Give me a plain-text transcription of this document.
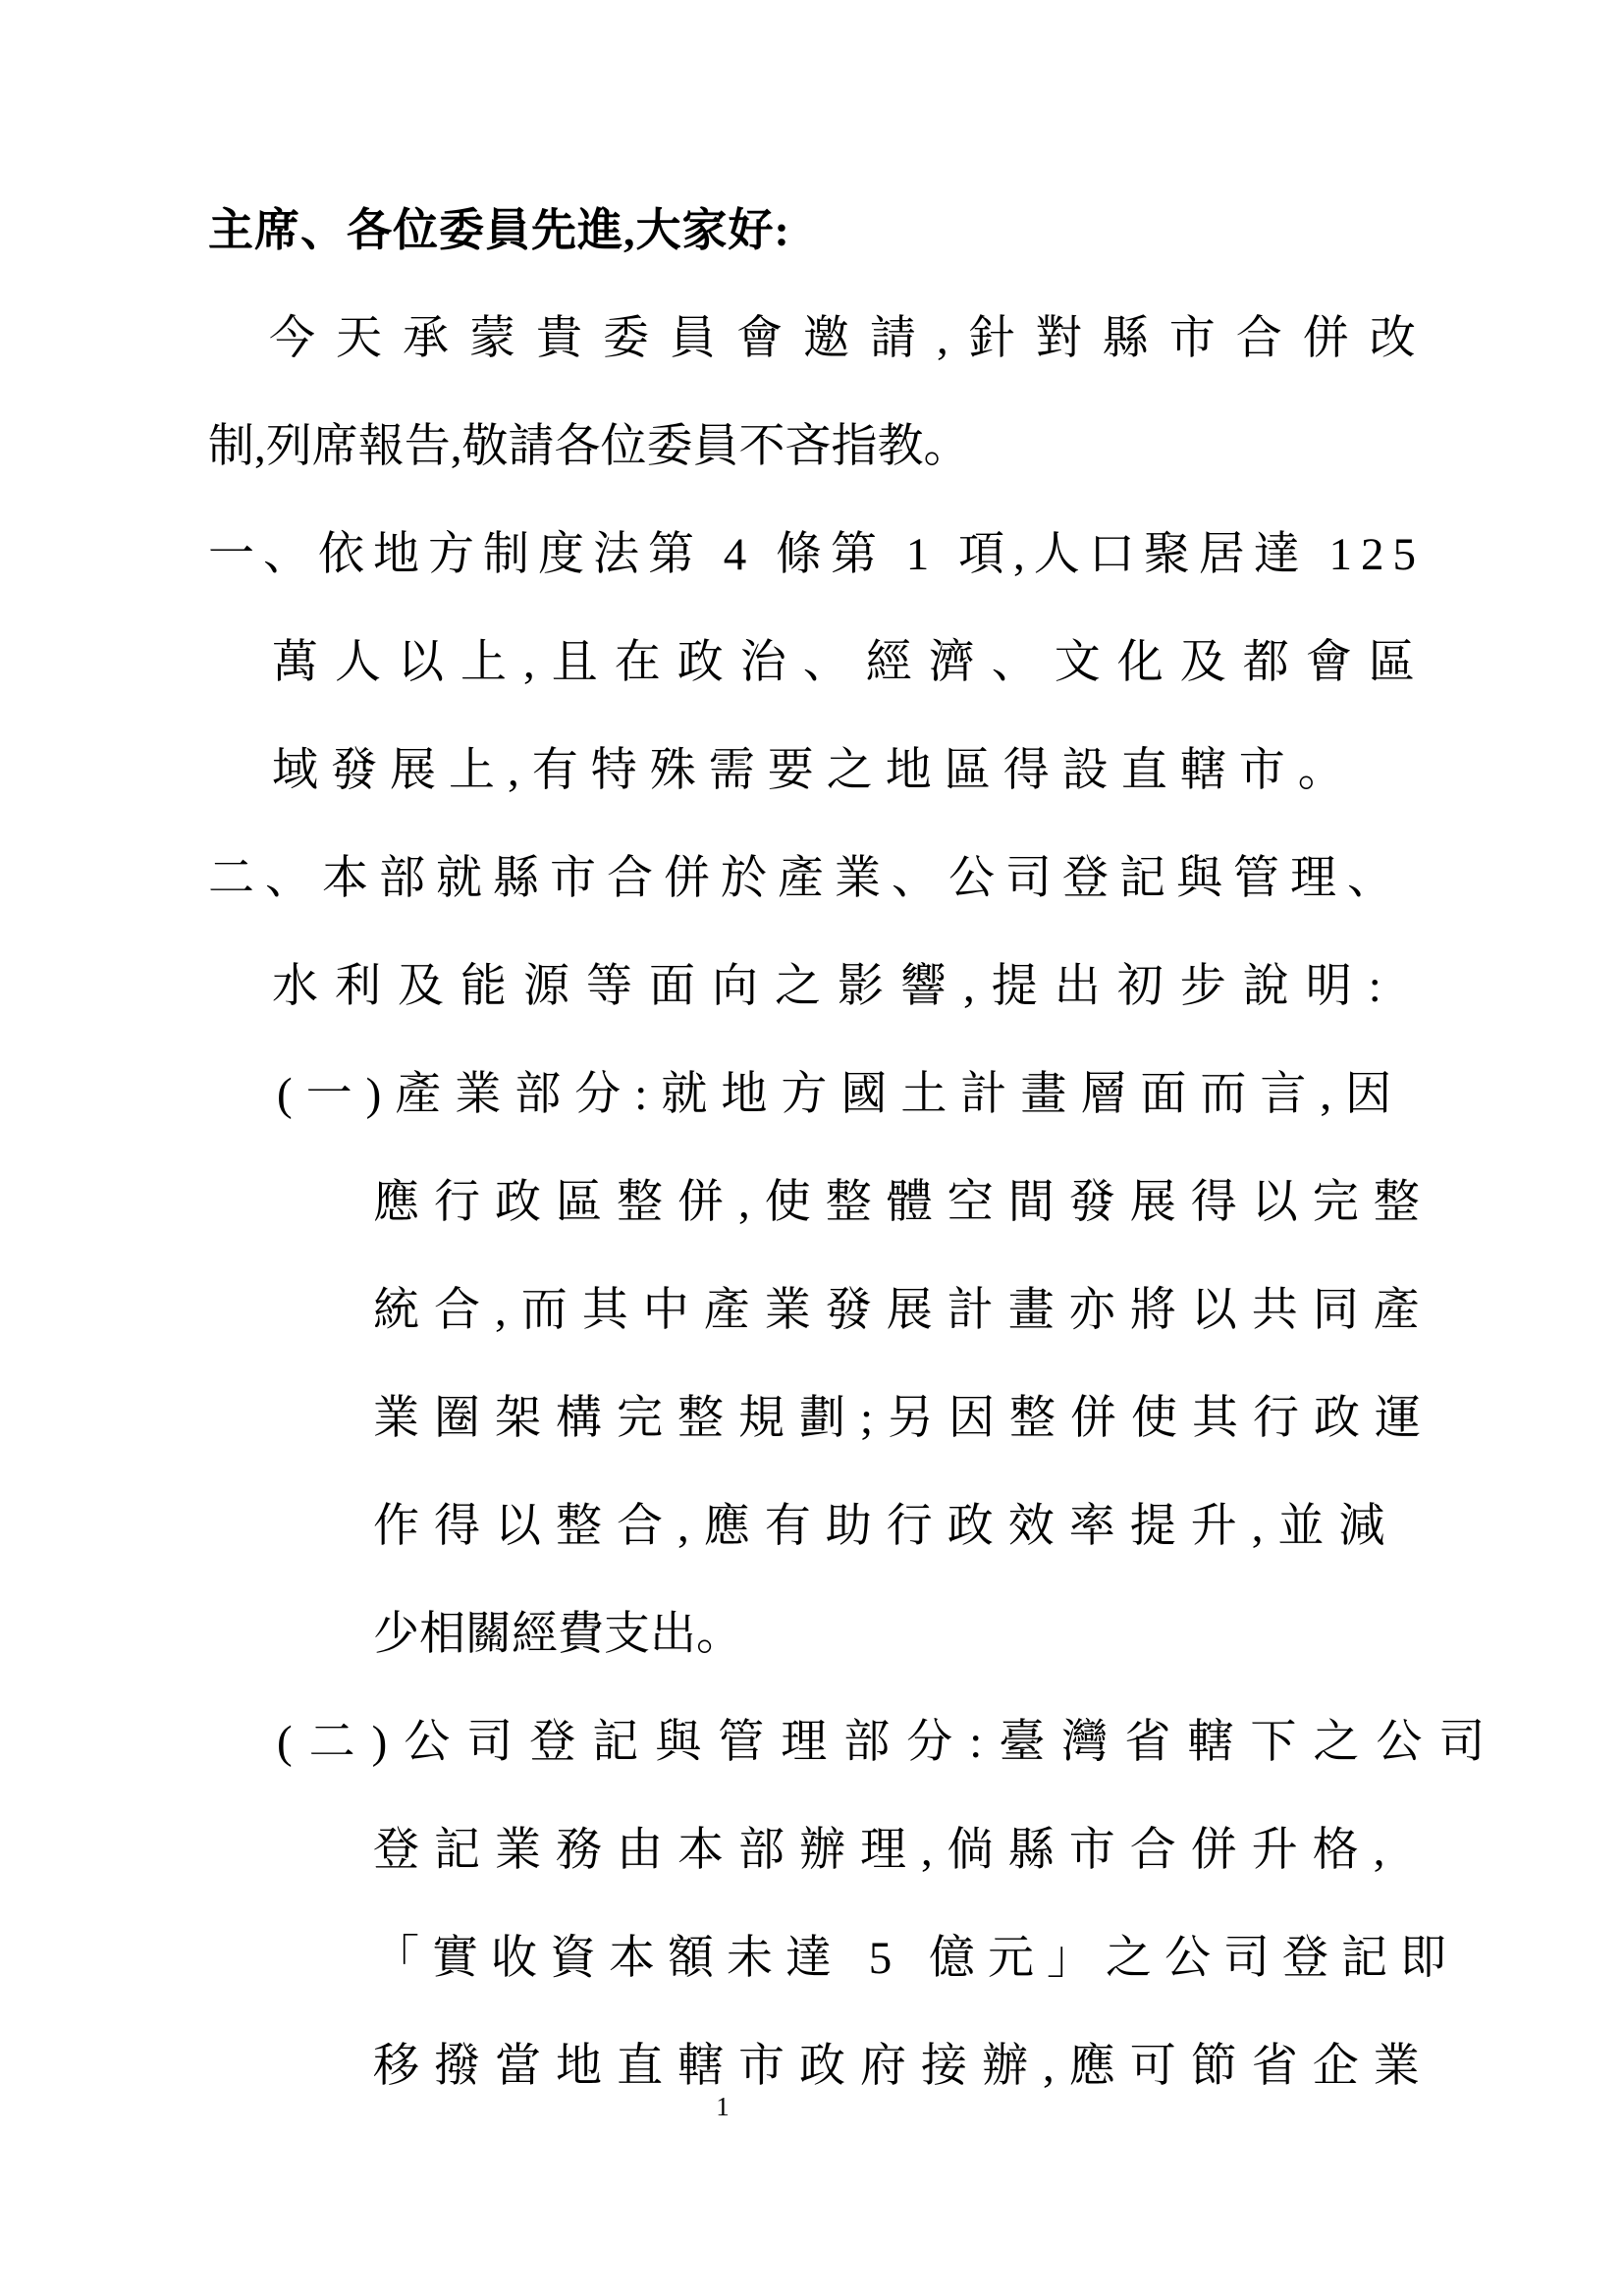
主席、各位委員先進,大家好:
今天承蒙貴委員會邀請,針對縣市合併改
制,列席報告,敬請各位委員不吝指教。
一、依地方制度法第 4 條第 1 項,人口聚居達 125
萬人以上,且在政治、經濟、文化及都會區
域發展上,有特殊需要之地區得設直轄市。
二、本部就縣市合併於產業、公司登記與管理、
水利及能源等面向之影響,提出初步說明:
(一)產業部分:就地方國土計畫層面而言,因
應行政區整併,使整體空間發展得以完整
統合,而其中產業發展計畫亦將以共同產
業圈架構完整規劃;另因整併使其行政運
作得以整合,應有助行政效率提升,並減
少相關經費支出。
(二)公司登記與管理部分:臺灣省轄下之公司
登記業務由本部辦理,倘縣市合併升格,
「實收資本額未達 5 億元」之公司登記即
移撥當地直轄市政府接辦,應可節省企業
1
